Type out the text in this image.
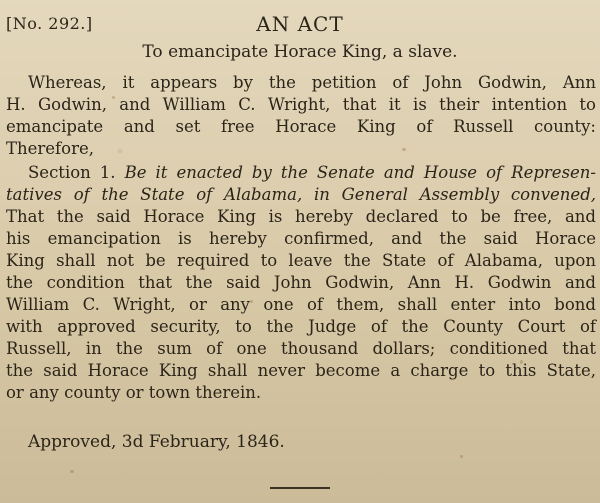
[No. 292.]	AN ACT
To emancipate Horace King, a slave.
Whereas, it appears by the petition of John Godwin, Ann
H. Godwin, and William C. Wright, that it is their intention to
emancipate and set free Horace King of Russell county:
Therefore,
Section 1. Be it enacted by the Senate and House of Represen-
tatives of the State of Alabama, in General Assembly convened,
That the said Horace King is hereby declared to be free, and
his emancipation is hereby confirmed, and the said Horace
King shall not be required to leave the State of Alabama, upon
the condition that the said John Godwin, Ann H. Godwin and
William C. Wright, or any one of them, shall enter into bond
with approved security, to the Judge of the County Court of
Russell, in the sum of one thousand dollars; conditioned that
the said Horace King shall never become a charge to this State,
or any county or town therein.
Approved, 3d February, 1846.
